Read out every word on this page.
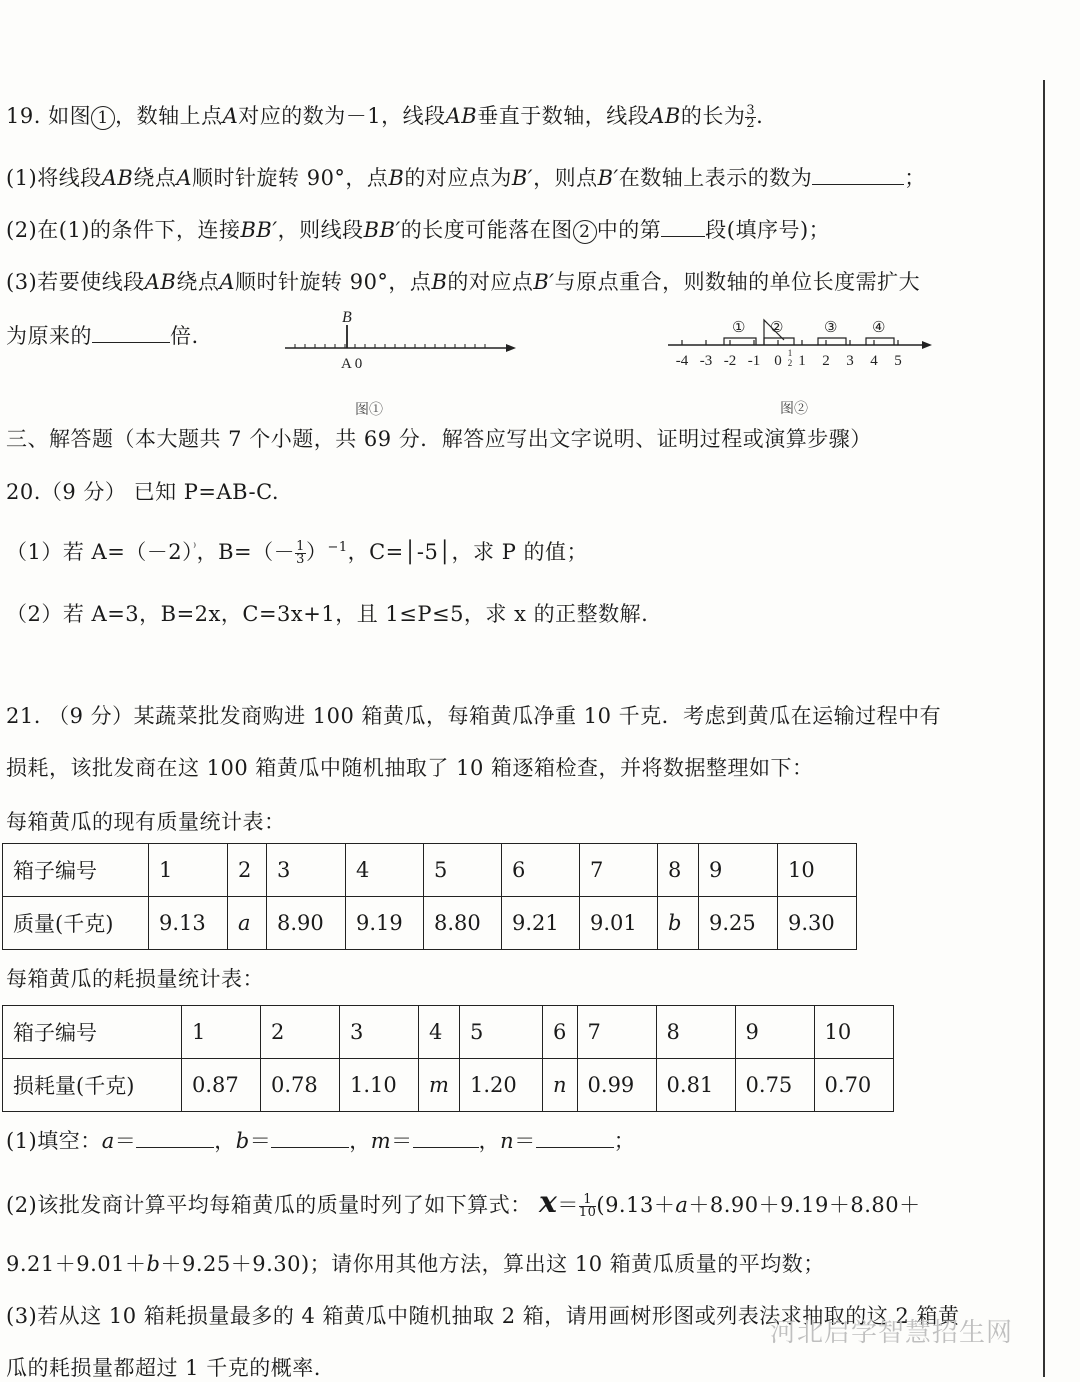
19. 如图 1 ，数轴上点A对应的数为－1，线段AB垂直于数轴，线段AB的长为 $\frac{3}{2}$ .
(1)将线段AB绕点A顺时针旋转 90°，点B的对应点为B′，则点B′在数轴上表示的数为	；
(2)在(1)的条件下，连接BB′，则线段BB′的长度可能落在图 2 中的第 段(填序号)；
(3)若要使线段AB绕点A顺时针旋转 90°，点B的对应点B′与原点重合，则数轴的单位长度需扩大
为原来的	倍.
B
A 0
图①
① ②	③ ④
-4 -3 -2 -1 0 1 2 3 4 5
1
2
图②
三、解答题（本大题共 7 个小题，共 69 分．解答应写出文字说明、证明过程或演算步骤）
20.（9 分） 已知 P=AB-C.
（1）若 A=（－2）⁾，$B=(- \frac{1}{3} )^{-1}$，C=│-5│，求 P 的值；
（2）若 A=3，B=2x，C=3x+1，且 1≤P≤5，求 x 的正整数解.
21. （9 分）某蔬菜批发商购进 100 箱黄瓜，每箱黄瓜净重 10 千克．考虑到黄瓜在运输过程中有
损耗，该批发商在这 100 箱黄瓜中随机抽取了 10 箱逐箱检查，并将数据整理如下：
每箱黄瓜的现有质量统计表：
箱子编号	1	2	3	4	5	6	7	8	9	10
质量(千克)	9.13	a	8.90	9.19	8.80	9.21	9.01	b	9.25	9.30
每箱黄瓜的耗损量统计表：
箱子编号	1	2	3	4	5	6	7	8	9	10
损耗量(千克)	0.87	0.78	1.10	m	1.20	n	0.99	0.81	0.75	0.70
(1)填空：a＝	，b＝	，m＝	，n＝	；
(2)该批发商计算平均每箱黄瓜的质量时列了如下算式： $x= \frac{1}{10} (9.13+a+8.90+9.19+8.80+$
9.21＋9.01＋b＋9.25＋9.30)；请你用其他方法，算出这 10 箱黄瓜质量的平均数；
(3)若从这 10 箱耗损量最多的 4 箱黄瓜中随机抽取 2 箱，请用画树形图或列表法求抽取的这 2 箱黄
瓜的耗损量都超过 1 千克的概率.
河北启学智慧招生网
